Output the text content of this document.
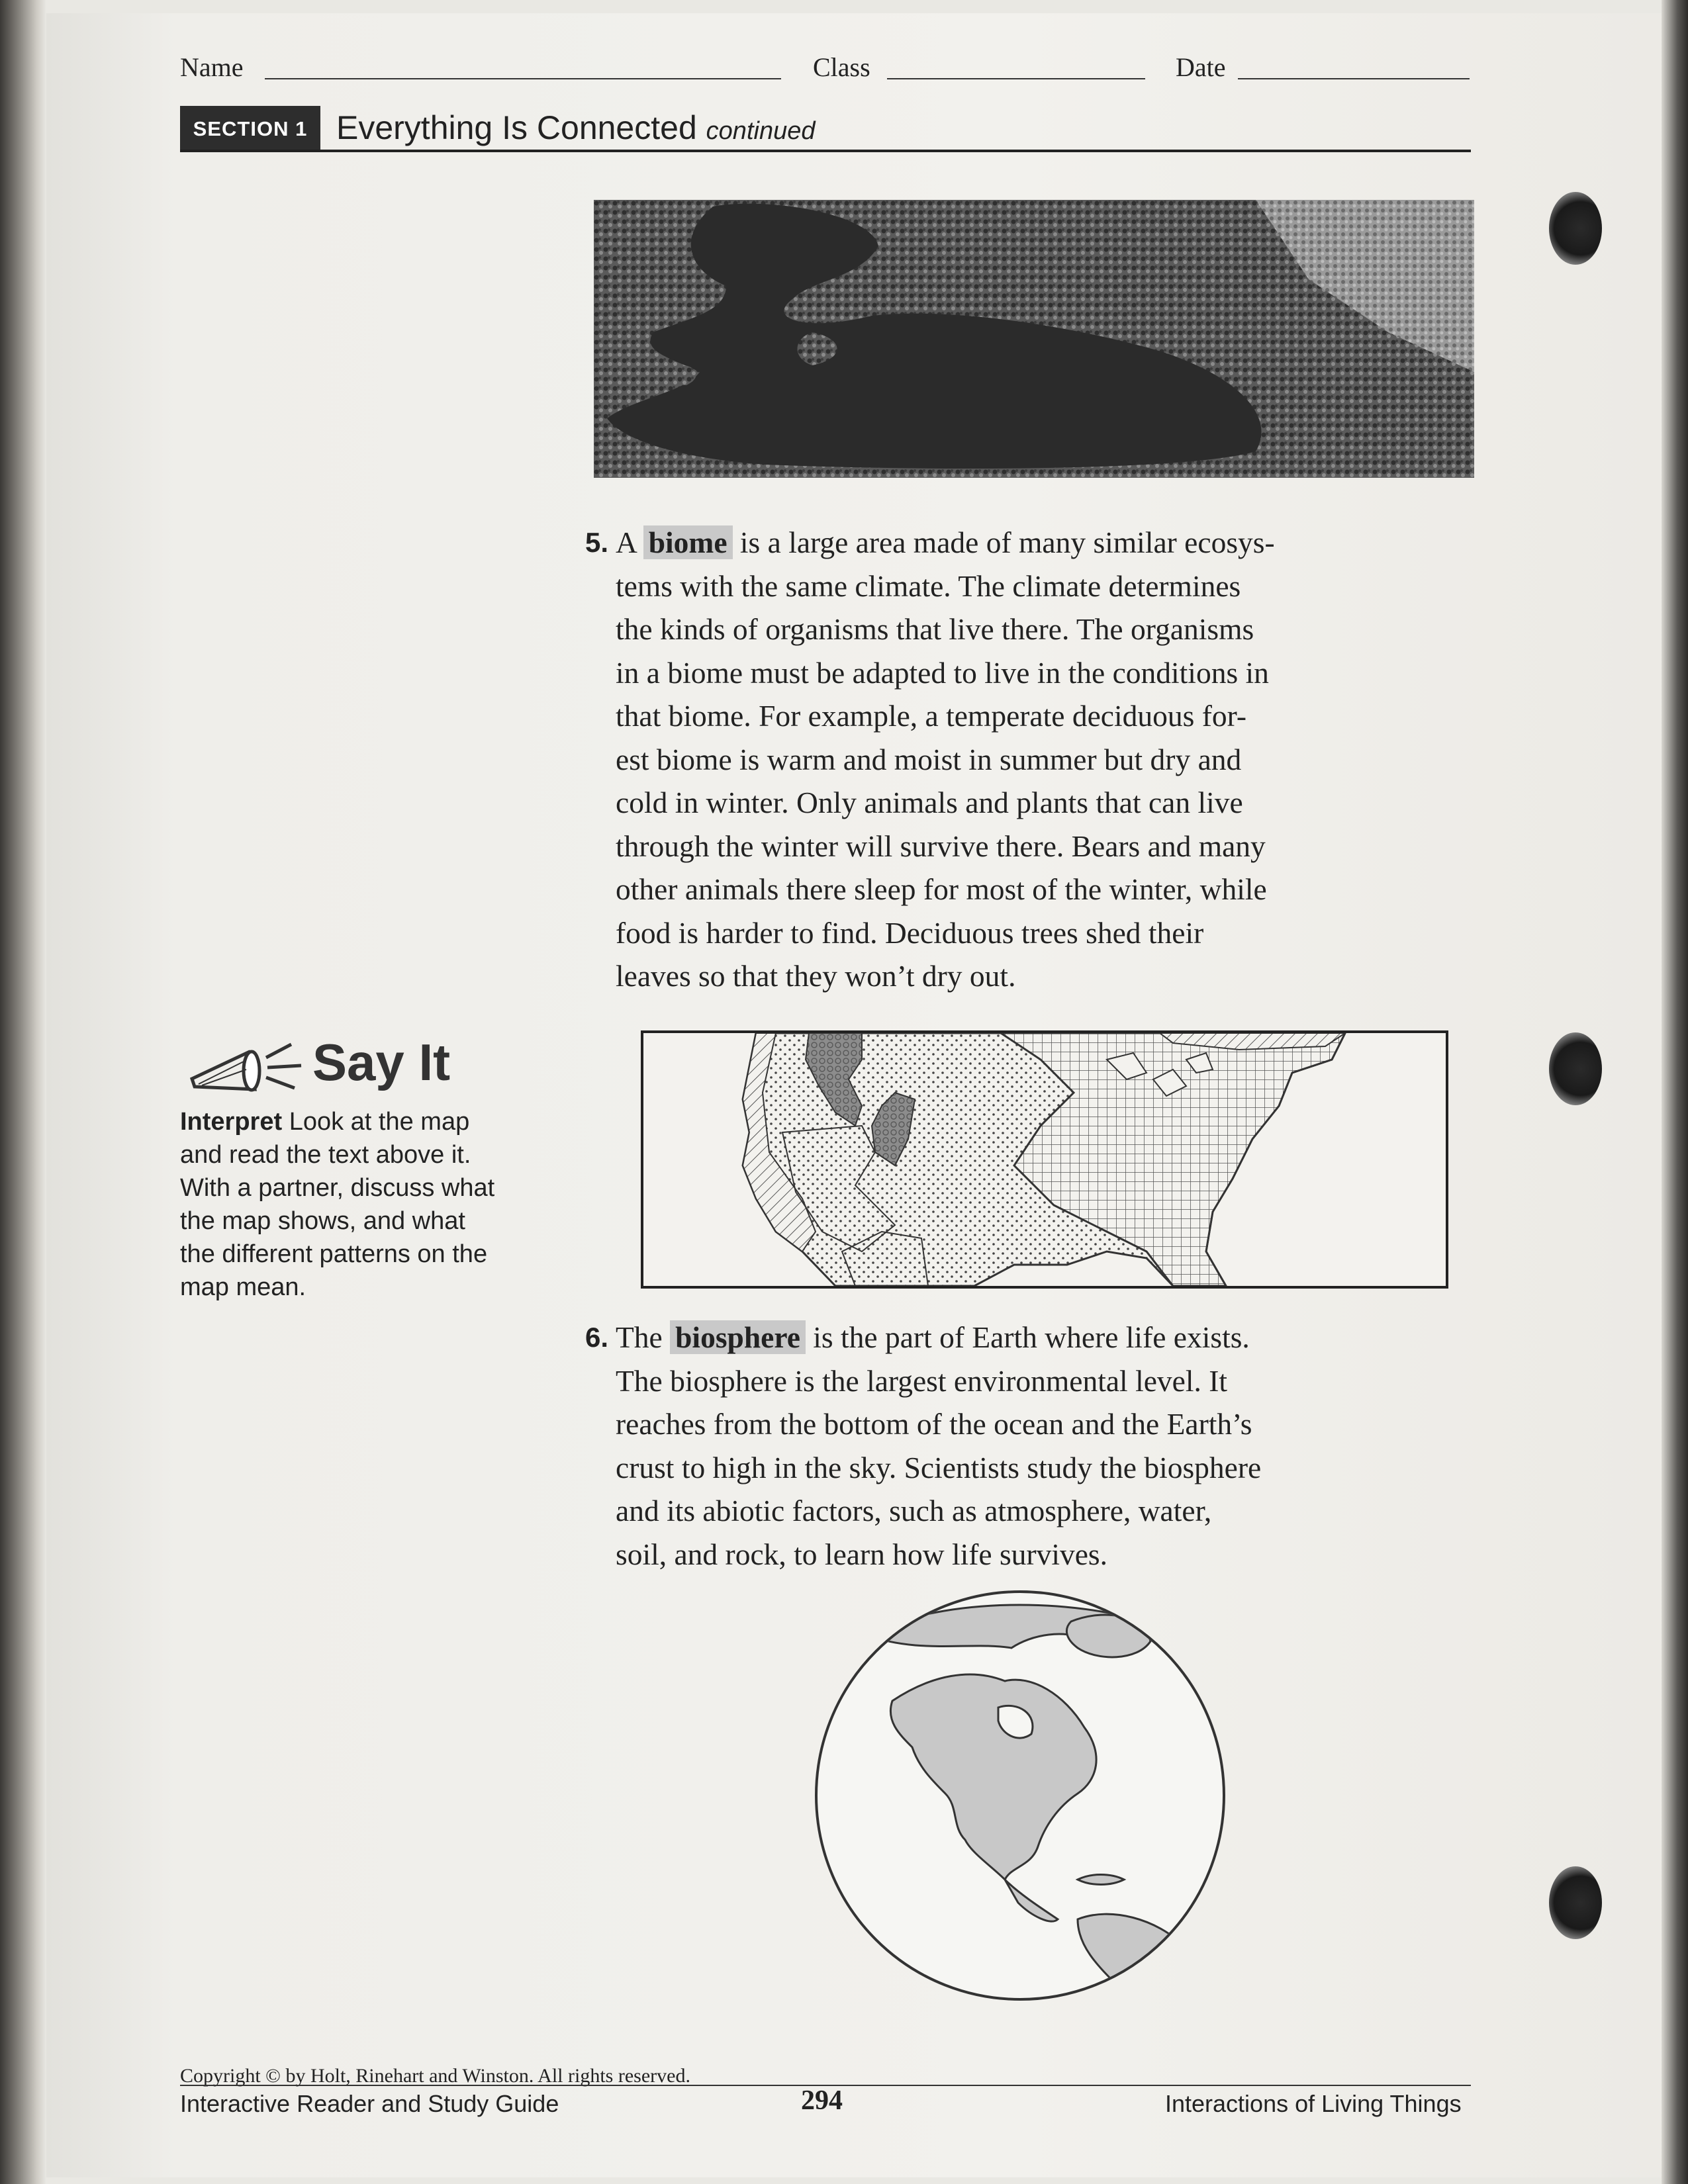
Name	Class	Date
SECTION 1 Everything Is Connected continued
5. A biome is a large area made of many similar ecosys-
tems with the same climate. The climate determines
the kinds of organisms that live there. The organisms
in a biome must be adapted to live in the conditions in
that biome. For example, a temperate deciduous for-
est biome is warm and moist in summer but dry and
cold in winter. Only animals and plants that can live
through the winter will survive there. Bears and many
other animals there sleep for most of the winter, while
food is harder to find. Deciduous trees shed their
leaves so that they won’t dry out.
Say It
Interpret Look at the map
and read the text above it.
With a partner, discuss what
the map shows, and what
the different patterns on the
map mean.
6. The biosphere is the part of Earth where life exists.
The biosphere is the largest environmental level. It
reaches from the bottom of the ocean and the Earth’s
crust to high in the sky. Scientists study the biosphere
and its abiotic factors, such as atmosphere, water,
soil, and rock, to learn how life survives.
Copyright © by Holt, Rinehart and Winston. All rights reserved.
Interactive Reader and Study Guide	294	Interactions of Living Things
